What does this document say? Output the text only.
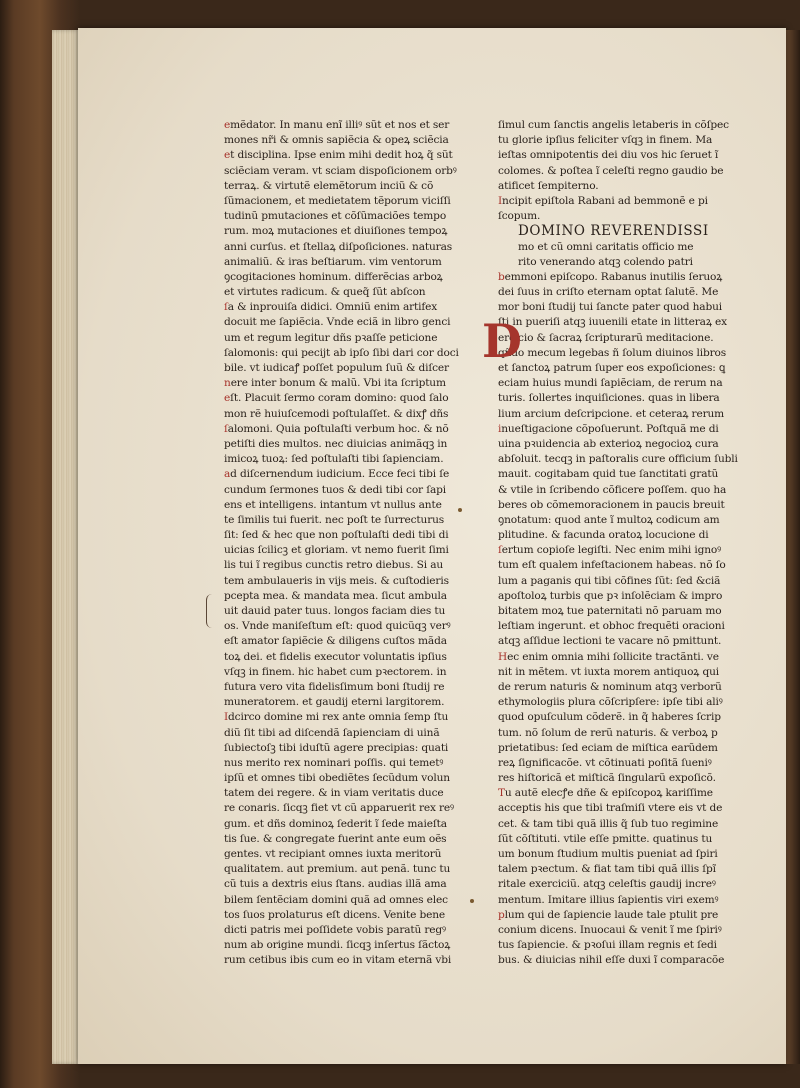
emẽdator. In manu enĩ illiꝰ sũt et nos et ser
mones nr̃i & omnis sapiẽcia & opeꝝ sciẽcia
et disciplina. Ipse enim mihi dedit hoꝝ q̃ sũt
sciẽciam veram. vt sciam dispoſicionem orbꝰ
terraꝝ. & virtutẽ elemẽtorum inciũ & cõ
ſũmacionem, et medietatem tẽporum viciſſi
tudinũ pmutaciones et cõſũmaciões tempo
rum. moꝝ mutaciones et diuiſiones tempoꝝ
anni curſus. et ſtellaꝝ diſpoſiciones. naturas
animaliũ. & iras beſtiarum. vim ventorum
ꝯcogitaciones hominum. differẽcias arboꝝ
et virtutes radicum. & queq̃ ſũt abſcon
ſa & inprouiſa didici. Omniũ enim artifex
docuit me ſapiẽcia. Vnde eciã in libro genci
um et regum legitur dñs pꝛaſſe peticione
ſalomonis: qui pecijt ab ipſo ſibi dari cor doci
bile. vt iudicaꝭ poſſet populum ſuũ & diſcer
nere inter bonum & malũ. Vbi ita ſcriptum
eſt. Placuit ſermo coram domino: quod ſalo
mon rẽ huiuſcemodi poſtulaſſet. & dixꝭ dñs
ſalomoni. Quia poſtulaſti verbum hoc. & nõ
petiſti dies multos. nec diuicias animãqꝫ in
imicoꝝ tuoꝝ: ſed poſtulaſti tibi ſapienciam.
ad diſcernendum iudicium. Ecce feci tibi ſe
cundum ſermones tuos & dedi tibi cor ſapi
ens et intelligens. intantum vt nullus ante
te ſimilis tui fuerit. nec poſt te ſurrecturus
ſit: ſed & hec que non poſtulaſti dedi tibi di
uicias ſcilicꝫ et gloriam. vt nemo fuerit ſimi
lis tui ĩ regibus cunctis retro diebus. Si au
tem ambulaueris in vijs meis. & cuſtodieris
pcepta mea. & mandata mea. ſicut ambula
uit dauid pater tuus. longos faciam dies tu
os. Vnde maniſeſtum eſt: quod quicũqꝫ verꝰ
eſt amator ſapiẽcie & diligens cuſtos mãda
toꝝ dei. et fidelis executor voluntatis ipſius
vſqꝫ in finem. hic habet cum pꝛectorem. in
futura vero vita fidelisſimum boni ſtudij re
muneratorem. et gaudij eterni largitorem.
Idcirco domine mi rex ante omnia ſemp ſtu
diũ ſit tibi ad diſcendã ſapienciam di uinã
ſubiectoſꝫ tibi iduſtũ agere precipias: quati
nus merito rex nominari poſſis. qui temetꝰ
ipſũ et omnes tibi obediẽtes ſecũdum volun
tatem dei regere. & in viam veritatis duce
re conaris. ſicqꝫ fiet vt cũ apparuerit rex reꝰ
gum. et dñs dominoꝝ ſederit ĩ ſede maieſta
tis ſue. & congregate fuerint ante eum oẽs
gentes. vt recipiant omnes iuxta meritorũ
qualitatem. aut premium. aut penã. tunc tu
cũ tuis a dextris eius ſtans. audias illã ama
bilem ſentẽciam domini quã ad omnes elec
tos ſuos prolaturus eſt dicens. Venite bene
dicti patris mei poſſidete vobis paratũ regꝰ
num ab origine mundi. ſicqꝫ inſertus ſãctoꝝ
rum cetibus ibis cum eo in vitam eternã vbi
D
ſimul cum ſanctis angelis letaberis in cõſpec
tu glorie ipſius feliciter vſqꝫ in finem. Ma
ieſtas omnipotentis dei diu vos hic ſeruet ĩ
colomes. & poſtea ĩ celeſti regno gaudio be
atificet ſempiterno.
Incipit epiſtola Rabani ad bemmonẽ e pi
ſcopum.
DOMINO REVERENDISSI
mo et cũ omni caritatis officio me
rito venerando atqꝫ colendo patri
bemmoni epiſcopo. Rabanus inutilis ſeruoꝝ
dei ſuus in criſto eternam optat ſalutẽ. Me
mor boni ſtudij tui ſancte pater quod habui
ſti in pueriſi atqꝫ iuuenili etate in litteraꝝ ex
ercicio & ſacraꝝ ſcripturarũ meditacione.
qñdo mecum legebas ñ ſolum diuinos libros
et ſanctoꝝ patrum ſuper eos expoſiciones: ꝗ
eciam huius mundi ſapiẽciam, de rerum na
turis. ſollertes inquiſiciones. quas in libera
lium arcium deſcripcione. et ceteraꝝ rerum
inueſtigacione cõpoſuerunt. Poſtquã me di
uina pꝛuidencia ab exterioꝝ negocioꝝ cura
abſoluit. tecqꝫ in paſtoralis cure officium ſubli
mauit. cogitabam quid tue ſanctitati gratũ
& vtile in ſcribendo cõficere poſſem. quo ha
beres ob cõmemoracionem in paucis breuit
ꝯnotatum: quod ante ĩ multoꝝ codicum am
plitudine. & facunda oratoꝝ locucione di
ſertum copioſe legiſti. Nec enim mihi ignoꝰ
tum eſt qualem infeſtacionem habeas. nõ ſo
lum a paganis qui tibi cõfines ſũt: ſed &ciã
apoſtoloꝝ turbis que pꝛ inſolẽciam & impro
bitatem moꝝ tue paternitati nõ paruam mo
leſtiam ingerunt. et obhoc frequẽti oracioni
atqꝫ aſſidue lectioni te vacare nõ pmittunt.
Hec enim omnia mihi ſollicite tractãnti. ve
nit in mẽtem. vt iuxta morem antiquoꝝ qui
de rerum naturis & nominum atqꝫ verborũ
ethymologiis plura cõſcripſere: ipſe tibi aliꝰ
quod opuſculum cõderẽ. in q̃ haberes ſcrip
tum. nõ ſolum de rerũ naturis. & verboꝝ p
prietatibus: ſed eciam de miſtica earũdem
reꝝ ſignificacõe. vt cõtinuati poſitã ſueniꝰ
res hiſtoricã et miſticã ſingularũ expoſicõ.
Tu autẽ elecꝭe dñe & epiſcopoꝝ kariſſime
acceptis his que tibi traſmiſi vtere eis vt de
cet. & tam tibi quã illis q̃ ſub tuo regimine
ſũt cõſtituti. vtile eſſe pmitte. quatinus tu
um bonum ſtudium multis pueniat ad ſpiri
talem pꝛectum. & fiat tam tibi quã illis ſpĩ
ritale exerciciũ. atqꝫ celeſtis gaudij increꝰ
mentum. Imitare illius ſapientis viri exemꝰ
plum qui de ſapiencie laude tale ptulit pre
conium dicens. Inuocaui & venit ĩ me ſpiriꝰ
tus ſapiencie. & pꝛoſui illam regnis et ſedi
bus. & diuicias nihil eſſe duxi ĩ comparacõe
